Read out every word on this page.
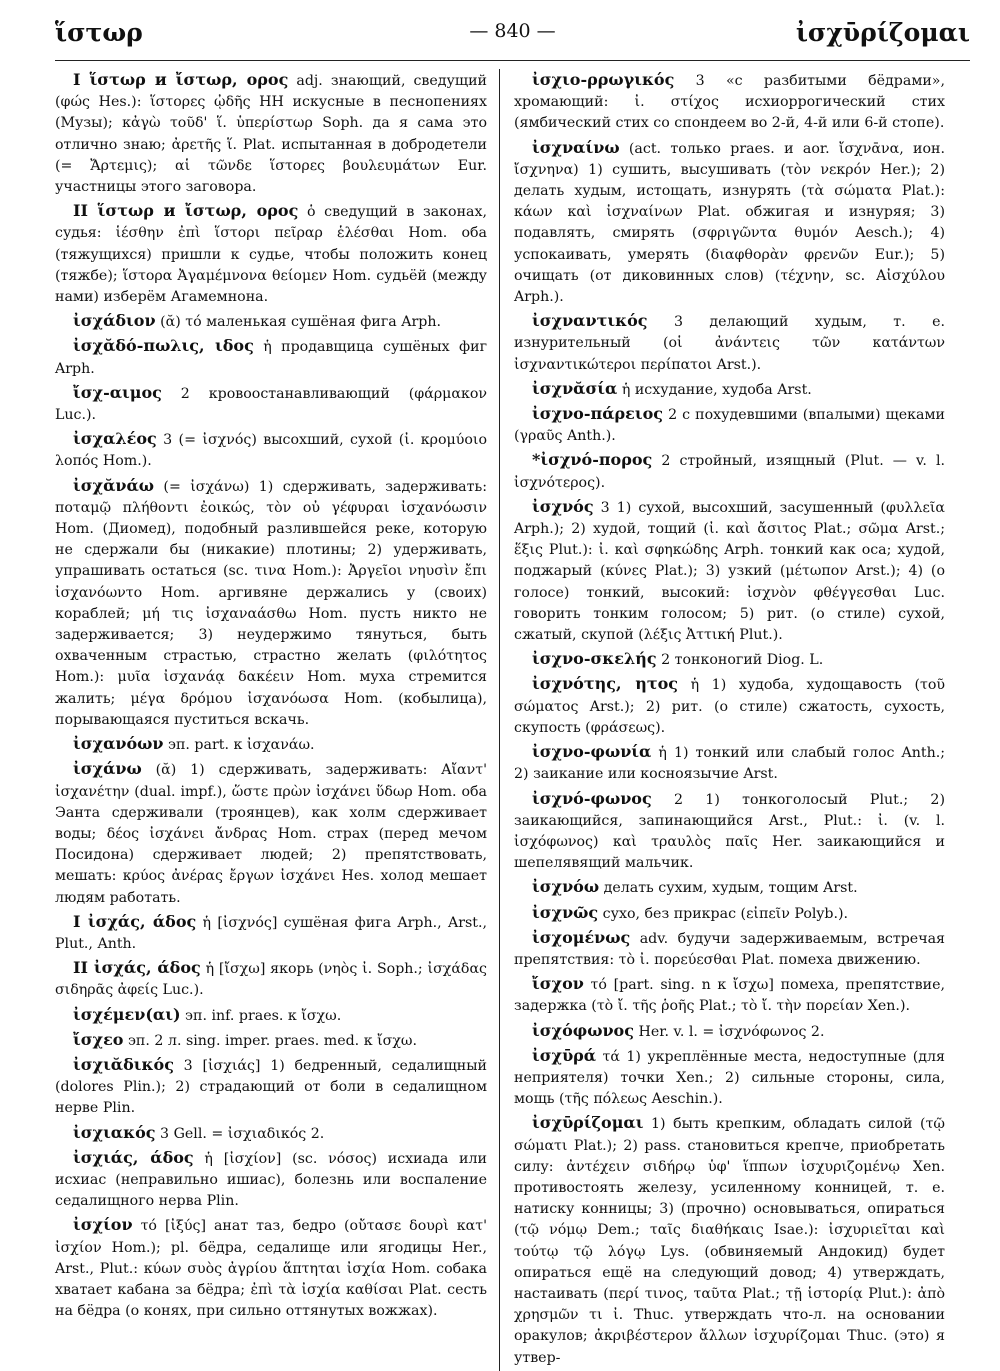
ἵστωρ	— 840 —	ἰσχῡρίζομαι

I ἵστωρ и ἴστωρ, ορος adj. знающий, сведущий (φώς Hes.): ἵστορες ᾠδῆς HH искусные в песнопениях (Музы); κἀγὼ τοῦδ' ἵ. ὑπερίστωρ Soph. да я сама это отлично знаю; ἀρετῆς ἵ. Plat. испытанная в добродетели (= Ἄρτεμις); αἱ τῶνδε ἵστορες βουλευμάτων Eur. участницы этого заговора.

II ἵστωρ и ἴστωρ, ορος ὁ сведущий в законах, судья: ἱέσθην ἐπὶ ἵστορι πεῖραρ ἑλέσθαι Hom. оба (тяжущихся) пришли к судье, чтобы положить конец (тяжбе); ἵστορα Ἀγαμέμνονα θείομεν Hom. судьёй (между нами) изберём Агамемнона.

ἰσχάδιον (ᾰ) τό маленькая сушёная фига Arph.

ἰσχᾰδό-πωλις, ιδος ἡ продавщица сушёных фиг Arph.

ἴσχ-αιμος 2 кровоостанавливающий (φάρμακον Luc.).

ἰσχαλέος 3 (= ἰσχνός) высохший, сухой (ἰ. κρομύοιο λοπός Hom.).

ἰσχᾰνάω (= ἰσχάνω) 1) сдерживать, задерживать: ποταμῷ πλήθοντι ἐοικώς, τὸν οὐ γέφυραι ἰσχανόωσιν Hom. (Диомед), подобный разлившейся реке, которую не сдержали бы (никакие) плотины; 2) удерживать, упрашивать остаться (sc. τινα Hom.): Ἀργεῖοι νηυσὶν ἔπι ἰσχανόωντο Hom. аргивяне держались у (своих) кораблей; μή τις ἰσχαναάσθω Hom. пусть никто не задерживается; 3) неудержимо тянуться, быть охваченным страстью, страстно желать (φιλότητος Hom.): μυῖα ἰσχανάᾳ δακέειν Hom. муха стремится жалить; μέγα δρόμου ἰσχανόωσα Hom. (кобылица), порывающаяся пуститься вскачь.

ἰσχανόων эп. part. к ἰσχανάω.

ἰσχάνω (ᾰ) 1) сдерживать, задерживать: Αἴαντ' ἰσχανέτην (dual. impf.), ὥστε πρὼν ἰσχάνει ὕδωρ Hom. оба Эанта сдерживали (троянцев), как холм сдерживает воды; δέος ἰσχάνει ἄνδρας Hom. страх (перед мечом Посидона) сдерживает людей; 2) препятствовать, мешать: κρύος ἀνέρας ἔργων ἰσχάνει Hes. холод мешает людям работать.

I ἰσχάς, άδος ἡ [ἰσχνός] сушёная фига Arph., Arst., Plut., Anth.

II ἰσχάς, άδος ἡ [ἴσχω] якорь (νηὸς ἰ. Soph.; ἰσχάδας σιδηρᾶς ἀφείς Luc.).

ἰσχέμεν(αι) эп. inf. praes. к ἴσχω.

ἴσχεο эп. 2 л. sing. imper. praes. med. к ἴσχω.

ἰσχιᾰδικός 3 [ἰσχιάς] 1) бедренный, седалищный (dolores Plin.); 2) страдающий от боли в седалищном нерве Plin.

ἰσχιακός 3 Gell. = ἰσχιαδικός 2.

ἰσχιάς, άδος ἡ [ἰσχίον] (sc. νόσος) исхиада или исхиас (неправильно ишиас), болезнь или воспаление седалищного нерва Plin.

ἰσχίον τό [ἰξύς] анат таз, бедро (οὔτασε δουρὶ κατ' ἰσχίον Hom.); pl. бёдра, седалище или ягодицы Her., Arst., Plut.: κύων συὸς ἀγρίου ἅπτηται ἰσχία Hom. собака хватает кабана за бёдра; ἐπὶ τὰ ἰσχία καθίσαι Plat. сесть на бёдра (о конях, при сильно оттянутых вожжах).

ἰσχιο-ρρωγικός 3 «с разбитыми бёдрами», хромающий: ἰ. στίχος исхиоррогический стих (ямбический стих со спондеем во 2-й, 4-й или 6-й стопе).

ἰσχναίνω (act. только praes. и aor. ἴσχνᾱνα, ион. ἴσχνηνα) 1) сушить, высушивать (τὸν νεκρόν Her.); 2) делать худым, истощать, изнурять (τὰ σώματα Plat.): κάων καὶ ἰσχναίνων Plat. обжигая и изнуряя; 3) подавлять, смирять (σφριγῶντα θυμόν Aesch.); 4) успокаивать, умерять (διαφθορὰν φρενῶν Eur.); 5) очищать (от диковинных слов) (τέχνην, sc. Αἰσχύλου Arph.).

ἰσχναντικός 3 делающий худым, т. е. изнурительный (οἱ ἀνάντεις τῶν κατάντων ἰσχναντικώτεροι περίπατοι Arst.).

ἰσχνᾰσία ἡ исхудание, худоба Arst.

ἰσχνο-πάρειος 2 с похудевшими (впалыми) щеками (γραῦς Anth.).

*ἰσχνό-πορος 2 стройный, изящный (Plut. — v. l. ἰσχνότερος).

ἰσχνός 3 1) сухой, высохший, засушенный (φυλλεῖα Arph.); 2) худой, тощий (ἰ. καὶ ἄσιτος Plat.; σῶμα Arst.; ἕξις Plut.): ἰ. καὶ σφηκώδης Arph. тонкий как оса; худой, поджарый (κύνες Plat.); 3) узкий (μέτωπον Arst.); 4) (о голосе) тонкий, высокий: ἰσχνὸν φθέγγεσθαι Luc. говорить тонким голосом; 5) рит. (о стиле) сухой, сжатый, скупой (λέξις Ἀττική Plut.).

ἰσχνο-σκελής 2 тонконогий Diog. L.

ἰσχνότης, ητος ἡ 1) худоба, худощавость (τοῦ σώματος Arst.); 2) рит. (о стиле) сжатость, сухость, скупость (φράσεως).

ἰσχνο-φωνία ἡ 1) тонкий или слабый голос Anth.; 2) заикание или косноязычие Arst.

ἰσχνό-φωνος 2 1) тонкоголосый Plut.; 2) заикающийся, запинающийся Arst., Plut.: ἰ. (v. l. ἰσχόφωνος) καὶ τραυλὸς παῖς Her. заикающийся и шепелявящий мальчик.

ἰσχνόω делать сухим, худым, тощим Arst.

ἰσχνῶς сухо, без прикрас (εἰπεῖν Polyb.).

ἰσχομένως adv. будучи задерживаемым, встречая препятствия: τὸ ἰ. πορεύεσθαι Plat. помеха движению.

ἴσχον τό [part. sing. n к ἴσχω] помеха, препятствие, задержка (τὸ ἴ. τῆς ῥοῆς Plat.; τὸ ἴ. τὴν πορείαν Xen.).

ἰσχόφωνος Her. v. l. = ἰσχνόφωνος 2.

ἰσχῡρά τά 1) укреплённые места, недоступные (для неприятеля) точки Xen.; 2) сильные стороны, сила, мощь (τῆς πόλεως Aeschin.).

ἰσχῡρίζομαι 1) быть крепким, обладать силой (τῷ σώματι Plat.); 2) pass. становиться крепче, приобретать силу: ἀντέχειν σιδήρῳ ὑφ' ἵππων ἰσχυριζομένῳ Xen. противостоять железу, усиленному конницей, т. е. натиску конницы; 3) (прочно) основываться, опираться (τῷ νόμῳ Dem.; ταῖς διαθήκαις Isae.): ἰσχυριεῖται καὶ τούτῳ τῷ λόγῳ Lys. (обвиняемый Андокид) будет опираться ещё на следующий довод; 4) утверждать, настаивать (περί τινος, ταῦτα Plat.; τῇ ἱστορίᾳ Plut.): ἀπὸ χρησμῶν τι ἰ. Thuc. утверждать что-л. на основании оракулов; ἀκριβέστερον ἄλλων ἰσχυρίζομαι Thuc. (это) я утвер-
